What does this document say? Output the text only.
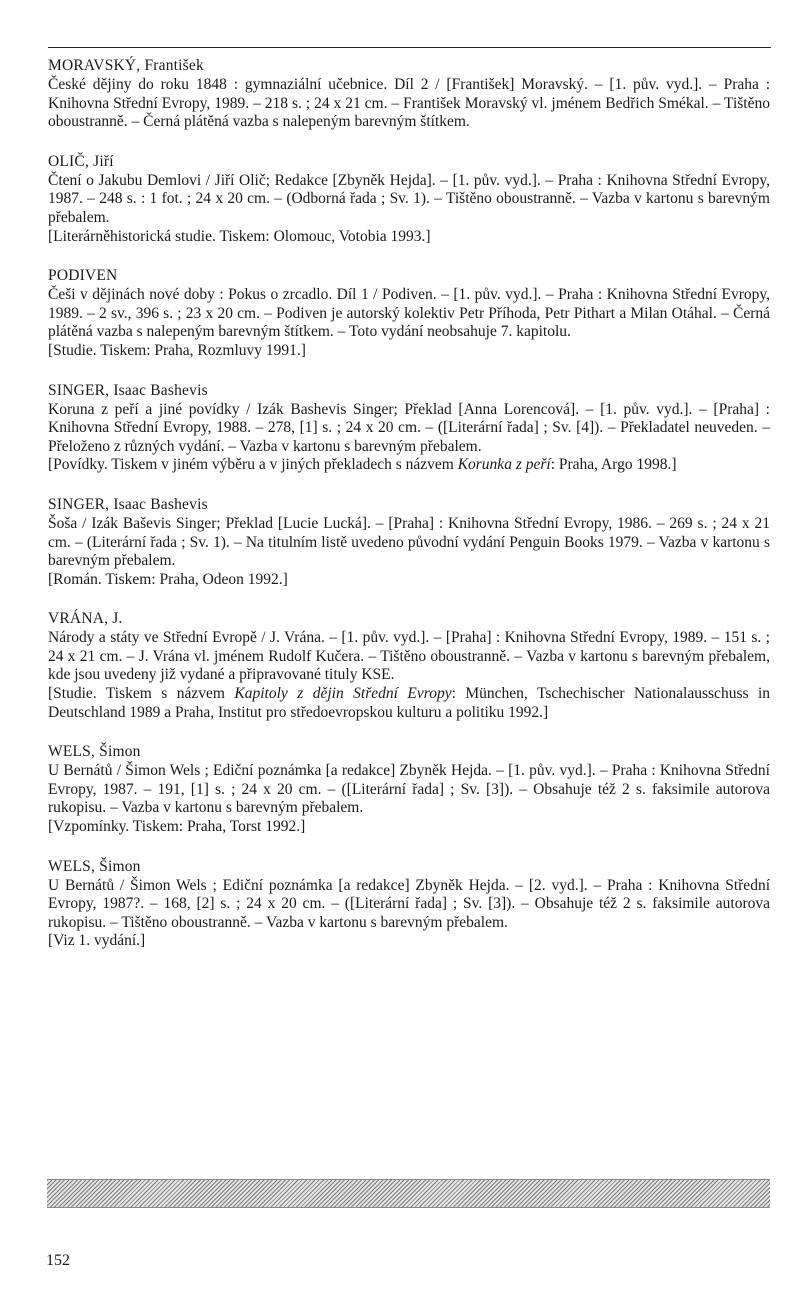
MORAVSKÝ, František

České dějiny do roku 1848 : gymnaziální učebnice. Díl 2 / [František] Moravský. – [1. pův. vyd.]. – Praha : Knihovna Střední Evropy, 1989. – 218 s. ; 24 x 21 cm. – František Moravský vl. jménem Bedřich Smékal. – Tištěno oboustranně. – Černá plátěná vazba s nalepeným barevným štítkem.

OLIČ, Jiří

Čtení o Jakubu Demlovi / Jiří Olič; Redakce [Zbyněk Hejda]. – [1. pův. vyd.]. – Praha : Knihovna Střední Evropy, 1987. – 248 s. : 1 fot. ; 24 x 20 cm. – (Odborná řada ; Sv. 1). – Tištěno oboustranně. – Vazba v kartonu s barevným přebalem.

[Literárněhistorická studie. Tiskem: Olomouc, Votobia 1993.]

PODIVEN

Češi v dějinách nové doby : Pokus o zrcadlo. Díl 1 / Podiven. – [1. pův. vyd.]. – Praha : Knihovna Střední Evropy, 1989. – 2 sv., 396 s. ; 23 x 20 cm. – Podiven je autorský kolektiv Petr Příhoda, Petr Pithart a Milan Otáhal. – Černá plátěná vazba s nalepeným barevným štítkem. – Toto vydání neobsahuje 7. kapitolu.

[Studie. Tiskem: Praha, Rozmluvy 1991.]

SINGER, Isaac Bashevis

Koruna z peří a jiné povídky / Izák Bashevis Singer; Překlad [Anna Lorencová]. – [1. pův. vyd.]. – [Praha] : Knihovna Střední Evropy, 1988. – 278, [1] s. ; 24 x 20 cm. – ([Literární řada] ; Sv. [4]). – Překladatel neuveden. – Přeloženo z různých vydání. – Vazba v kartonu s barevným přebalem.

[Povídky. Tiskem v jiném výběru a v jiných překladech s názvem Korunka z peří: Praha, Argo 1998.]

SINGER, Isaac Bashevis

Šoša / Izák Baševis Singer; Překlad [Lucie Lucká]. – [Praha] : Knihovna Střední Evropy, 1986. – 269 s. ; 24 x 21 cm. – (Literární řada ; Sv. 1). – Na titulním listě uvedeno původní vydání Penguin Books 1979. – Vazba v kartonu s barevným přebalem.

[Román. Tiskem: Praha, Odeon 1992.]

VRÁNA, J.

Národy a státy ve Střední Evropě / J. Vrána. – [1. pův. vyd.]. – [Praha] : Knihovna Střední Evropy, 1989. – 151 s. ; 24 x 21 cm. – J. Vrána vl. jménem Rudolf Kučera. – Tištěno oboustranně. – Vazba v kartonu s barevným přebalem, kde jsou uvedeny již vydané a připravované tituly KSE.

[Studie. Tiskem s názvem Kapitoly z dějin Střední Evropy: München, Tschechischer Nationalausschuss in Deutschland 1989 a Praha, Institut pro středoevropskou kulturu a politiku 1992.]

WELS, Šimon

U Bernátů / Šimon Wels ; Ediční poznámka [a redakce] Zbyněk Hejda. – [1. pův. vyd.]. – Praha : Knihovna Střední Evropy, 1987. – 191, [1] s. ; 24 x 20 cm. – ([Literární řada] ; Sv. [3]). – Obsahuje též 2 s. faksimile autorova rukopisu. – Vazba v kartonu s barevným přebalem.

[Vzpomínky. Tiskem: Praha, Torst 1992.]

WELS, Šimon

U Bernátů / Šimon Wels ; Ediční poznámka [a redakce] Zbyněk Hejda. – [2. vyd.]. – Praha : Knihovna Střední Evropy, 1987?. – 168, [2] s. ; 24 x 20 cm. – ([Literární řada] ; Sv. [3]). – Obsahuje též 2 s. faksimile autorova rukopisu. – Tištěno oboustranně. – Vazba v kartonu s barevným přebalem.

[Viz 1. vydání.]

152
